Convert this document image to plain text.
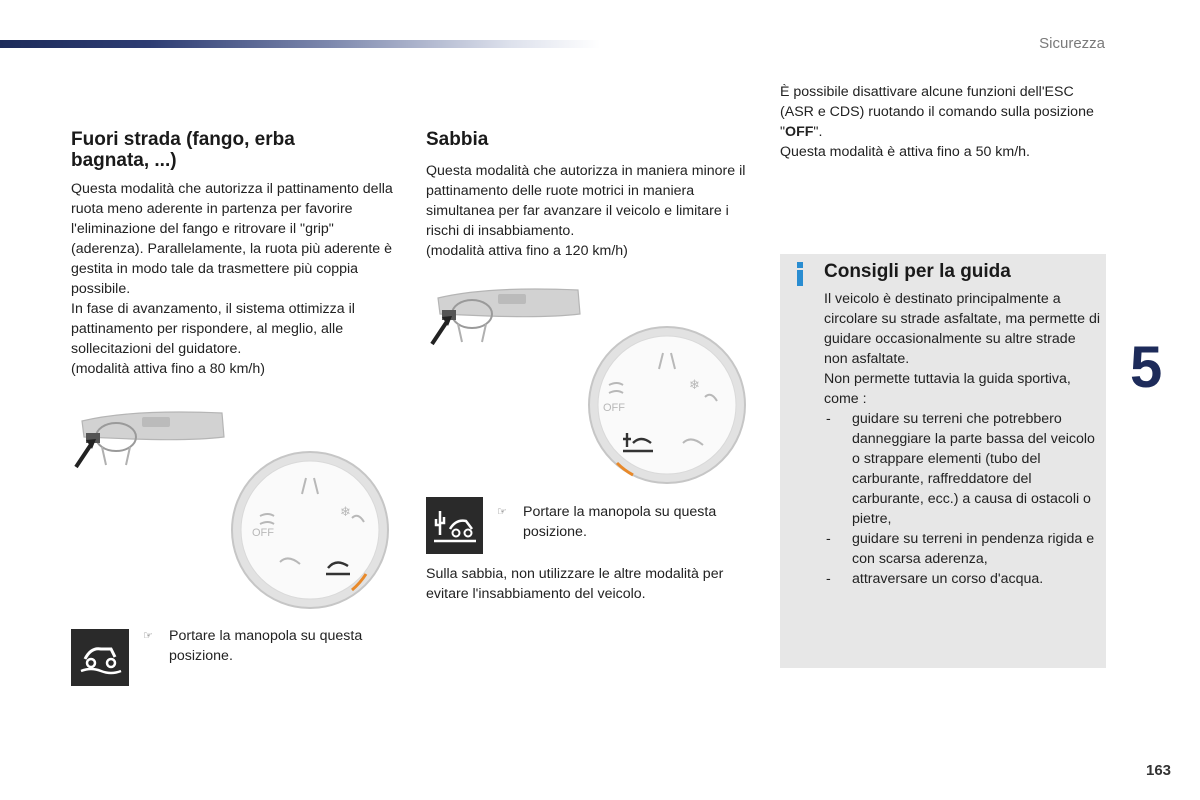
Sicurezza
Fuori strada (fango, erba bagnata, ...)

Questa modalità che autorizza il pattinamento della ruota meno aderente in partenza per favorire l'eliminazione del fango e ritrovare il "grip" (aderenza). Parallelamente, la ruota più aderente è gestita in modo tale da trasmettere più coppia possibile.

In fase di avanzamento, il sistema ottimizza il pattinamento per rispondere, al meglio, alle sollecitazioni del guidatore.

(modalità attiva fino a 80 km/h)

❄
OFF
☞	Portare la manopola su questa posizione.
Sabbia

Questa modalità che autorizza in maniera minore il pattinamento delle ruote motrici in maniera simultanea per far avanzare il veicolo e limitare i rischi di insabbiamento.

(modalità attiva fino a 120 km/h)

❄
OFF
☞	Portare la manopola su questa posizione.
Sulla sabbia, non utilizzare le altre modalità per evitare l'insabbiamento del veicolo.

È possibile disattivare alcune funzioni dell'ESC (ASR e CDS) ruotando il comando sulla posizione "OFF".

Questa modalità è attiva fino a 50 km/h.

Consigli per la guida

Il veicolo è destinato principalmente a circolare su strade asfaltate, ma permette di guidare occasionalmente su altre strade non asfaltate.

Non permette tuttavia la guida sportiva, come :

- guidare su terreni che potrebbero danneggiare la parte bassa del veicolo o strappare elementi (tubo del carburante, raffreddatore del carburante, ecc.) a causa di ostacoli o pietre,
- guidare su terreni in pendenza rigida e con scarsa aderenza,
- attraversare un corso d'acqua.
5
163
